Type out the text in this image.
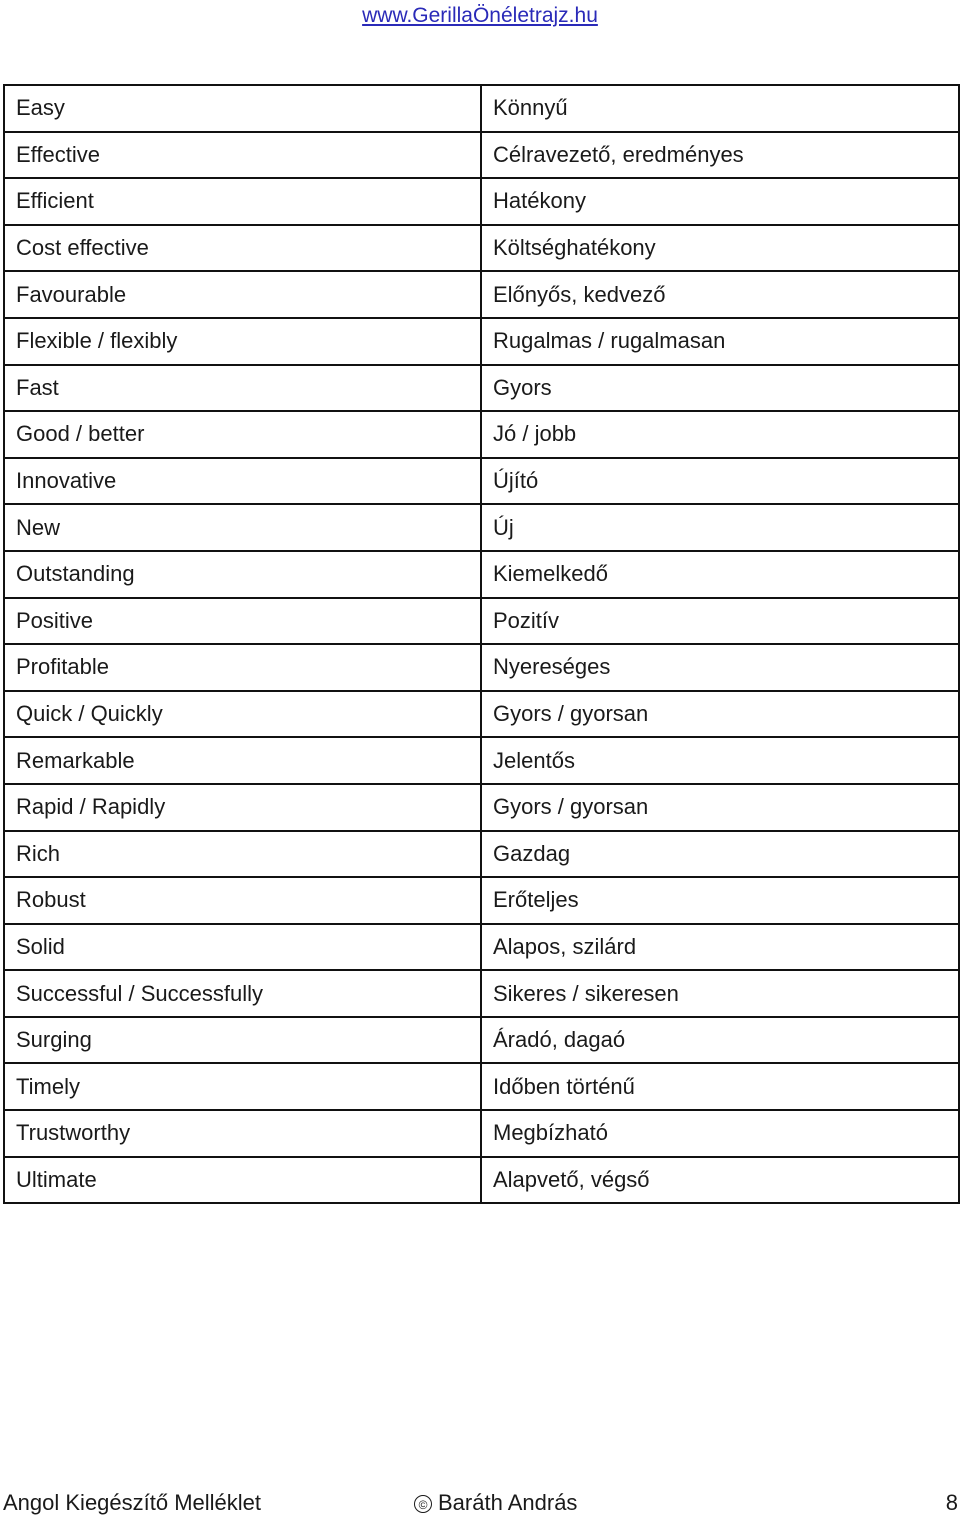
www.GerillaÖnéletrajz.hu
Easy	Könnyű
Effective	Célravezető, eredményes
Efficient	Hatékony
Cost effective	Költséghatékony
Favourable	Előnyős, kedvező
Flexible / flexibly	Rugalmas / rugalmasan
Fast	Gyors
Good / better	Jó / jobb
Innovative	Újító
New	Új
Outstanding	Kiemelkedő
Positive	Pozitív
Profitable	Nyereséges
Quick / Quickly	Gyors / gyorsan
Remarkable	Jelentős
Rapid / Rapidly	Gyors / gyorsan
Rich	Gazdag
Robust	Erőteljes
Solid	Alapos, szilárd
Successful / Successfully	Sikeres / sikeresen
Surging	Áradó, dagaó
Timely	Időben történű
Trustworthy	Megbízható
Ultimate	Alapvető, végső
Angol Kiegészítő Melléklet	© Baráth András	8
